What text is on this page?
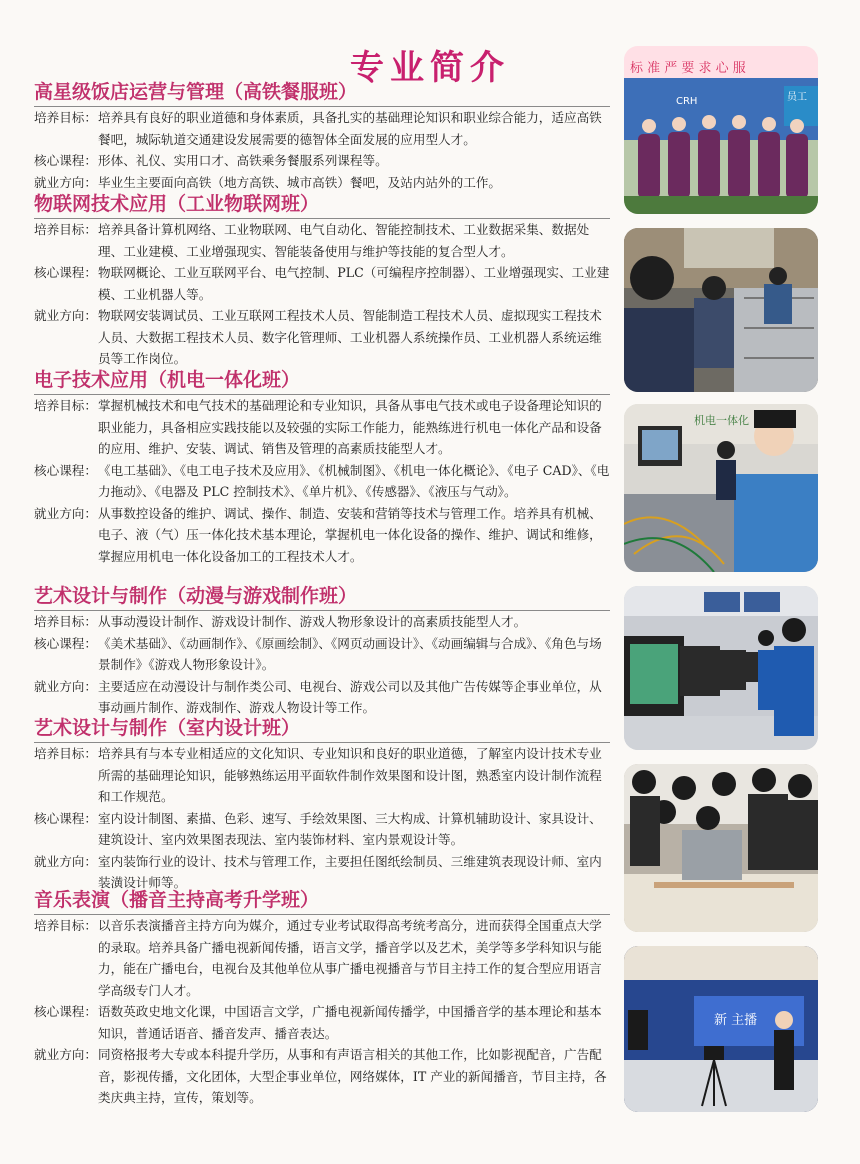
专业简介
高星级饭店运营与管理（高铁餐服班）
培养目标： 培养具有良好的职业道德和身体素质，具备扎实的基础理论知识和职业综合能力，适应高铁餐吧，城际轨道交通建设发展需要的德智体全面发展的应用型人才。
核心课程： 形体、礼仪、实用口才、高铁乘务餐服系列课程等。
就业方向： 毕业生主要面向高铁（地方高铁、城市高铁）餐吧，及站内站外的工作。
物联网技术应用（工业物联网班）
培养目标： 培养具备计算机网络、工业物联网、电气自动化、智能控制技术、工业数据采集、数据处理、工业建模、工业增强现实、智能装备使用与维护等技能的复合型人才。
核心课程： 物联网概论、工业互联网平台、电气控制、PLC（可编程序控制器）、工业增强现实、工业建模、工业机器人等。
就业方向： 物联网安装调试员、工业互联网工程技术人员、智能制造工程技术人员、虚拟现实工程技术人员、大数据工程技术人员、数字化管理师、工业机器人系统操作员、工业机器人系统运维员等工作岗位。
电子技术应用（机电一体化班）
培养目标： 掌握机械技术和电气技术的基础理论和专业知识，具备从事电气技术或电子设备理论知识的职业能力，具备相应实践技能以及较强的实际工作能力，能熟练进行机电一体化产品和设备的应用、维护、安装、调试、销售及管理的高素质技能型人才。
核心课程： 《电工基础》、《电工电子技术及应用》、《机械制图》、《机电一体化概论》、《电子 CAD》、《电力拖动》、《电器及 PLC 控制技术》、《单片机》、《传感器》、《液压与气动》。
就业方向： 从事数控设备的维护、调试、操作、制造、安装和营销等技术与管理工作。培养具有机械、电子、液（气）压一体化技术基本理论，掌握机电一体化设备的操作、维护、调试和维修，掌握应用机电一体化设备加工的工程技术人才。
艺术设计与制作（动漫与游戏制作班）
培养目标： 从事动漫设计制作、游戏设计制作、游戏人物形象设计的高素质技能型人才。
核心课程： 《美术基础》、《动画制作》、《原画绘制》、《网页动画设计》、《动画编辑与合成》、《角色与场景制作》《游戏人物形象设计》。
就业方向： 主要适应在动漫设计与制作类公司、电视台、游戏公司以及其他广告传媒等企事业单位，从事动画片制作、游戏制作、游戏人物设计等工作。
艺术设计与制作（室内设计班）
培养目标： 培养具有与本专业相适应的文化知识、专业知识和良好的职业道德，了解室内设计技术专业所需的基础理论知识，能够熟练运用平面软件制作效果图和设计图，熟悉室内设计制作流程和工作规范。
核心课程： 室内设计制图、素描、色彩、速写、手绘效果图、三大构成、计算机辅助设计、家具设计、建筑设计、室内效果图表现法、室内装饰材料、室内景观设计等。
就业方向： 室内装饰行业的设计、技术与管理工作，主要担任图纸绘制员、三维建筑表现设计师、室内装潢设计师等。
音乐表演（播音主持高考升学班）
培养目标： 以音乐表演播音主持方向为媒介，通过专业考试取得高考统考高分，进而获得全国重点大学的录取。培养具备广播电视新闻传播，语言文学，播音学以及艺术，美学等多学科知识与能力，能在广播电台，电视台及其他单位从事广播电视播音与节目主持工作的复合型应用语言学高级专门人才。
核心课程： 语数英政史地文化课，中国语言文学，广播电视新闻传播学，中国播音学的基本理论和基本知识，普通话语音、播音发声、播音表达。
就业方向： 同资格报考大专或本科提升学历，从事和有声语言相关的其他工作，比如影视配音，广告配音，影视传播，文化团体，大型企事业单位，网络媒体，IT 产业的新闻播音，节目主持，各类庆典主持，宣传，策划等。
标 准 严 要 求 心 服
CRH	员工
机电一体化
新 主播
